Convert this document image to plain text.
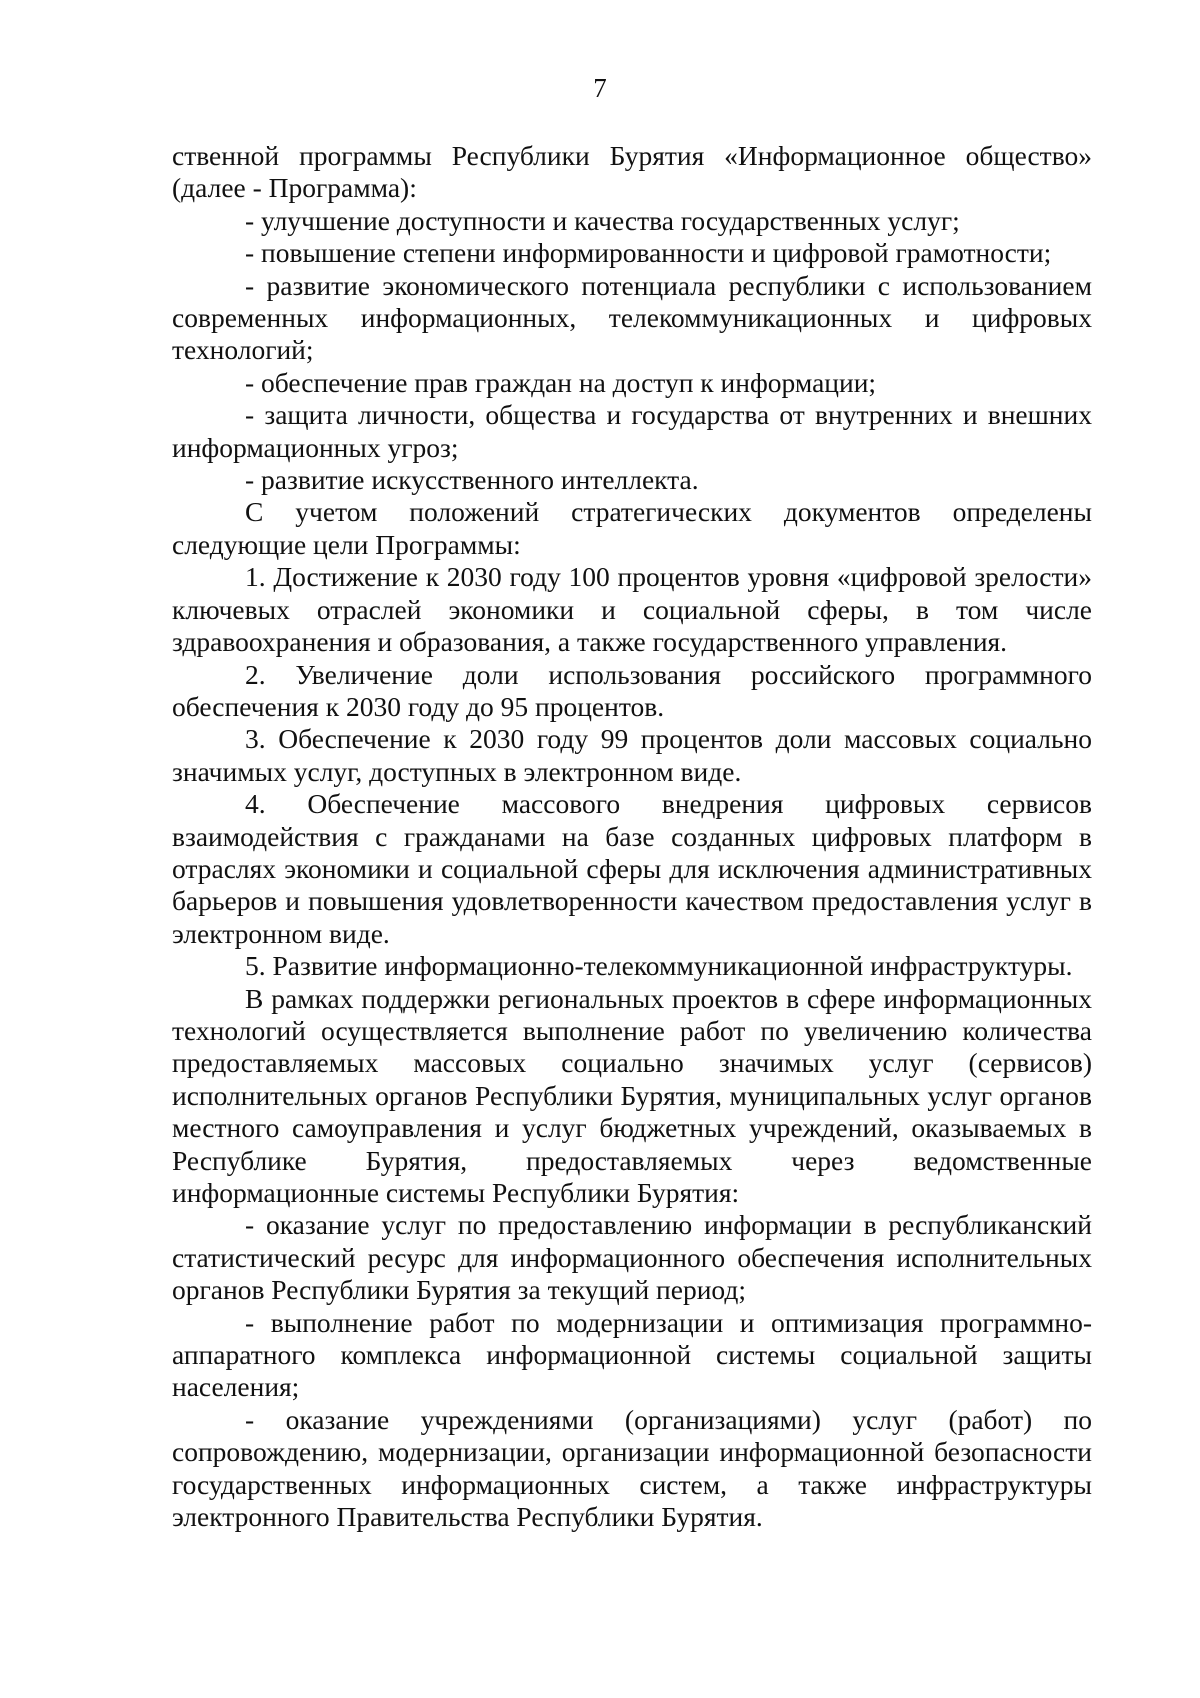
7

ственной программы Республики Бурятия «Информационное общество» (далее - Программа):

- улучшение доступности и качества государственных услуг;

- повышение степени информированности и цифровой грамотности;

- развитие экономического потенциала республики с использованием современных информационных, телекоммуникационных и цифровых технологий;

- обеспечение прав граждан на доступ к информации;

- защита личности, общества и государства от внутренних и внешних информационных угроз;

- развитие искусственного интеллекта.

С учетом положений стратегических документов определены следующие цели Программы:

1. Достижение к 2030 году 100 процентов уровня «цифровой зрелости» ключевых отраслей экономики и социальной сферы, в том числе здравоохранения и образования, а также государственного управления.

2. Увеличение доли использования российского программного обеспечения к 2030 году до 95 процентов.

3. Обеспечение к 2030 году 99 процентов доли массовых социально значимых услуг, доступных в электронном виде.

4. Обеспечение массового внедрения цифровых сервисов взаимодействия с гражданами на базе созданных цифровых платформ в отраслях экономики и социальной сферы для исключения административных барьеров и повышения удовлетворенности качеством предоставления услуг в электронном виде.

5. Развитие информационно-телекоммуникационной инфраструктуры.

В рамках поддержки региональных проектов в сфере информационных технологий осуществляется выполнение работ по увеличению количества предоставляемых массовых социально значимых услуг (сервисов) исполнительных органов Республики Бурятия, муниципальных услуг органов местного самоуправления и услуг бюджетных учреждений, оказываемых в Республике Бурятия, предоставляемых через ведомственные информационные системы Республики Бурятия:

- оказание услуг по предоставлению информации в республиканский статистический ресурс для информационного обеспечения исполнительных органов Республики Бурятия за текущий период;

- выполнение работ по модернизации и оптимизация программно-аппаратного комплекса информационной системы социальной защиты населения;

- оказание учреждениями (организациями) услуг (работ) по сопровождению, модернизации, организации информационной безопасности государственных информационных систем, а также инфраструктуры электронного Правительства Республики Бурятия.
